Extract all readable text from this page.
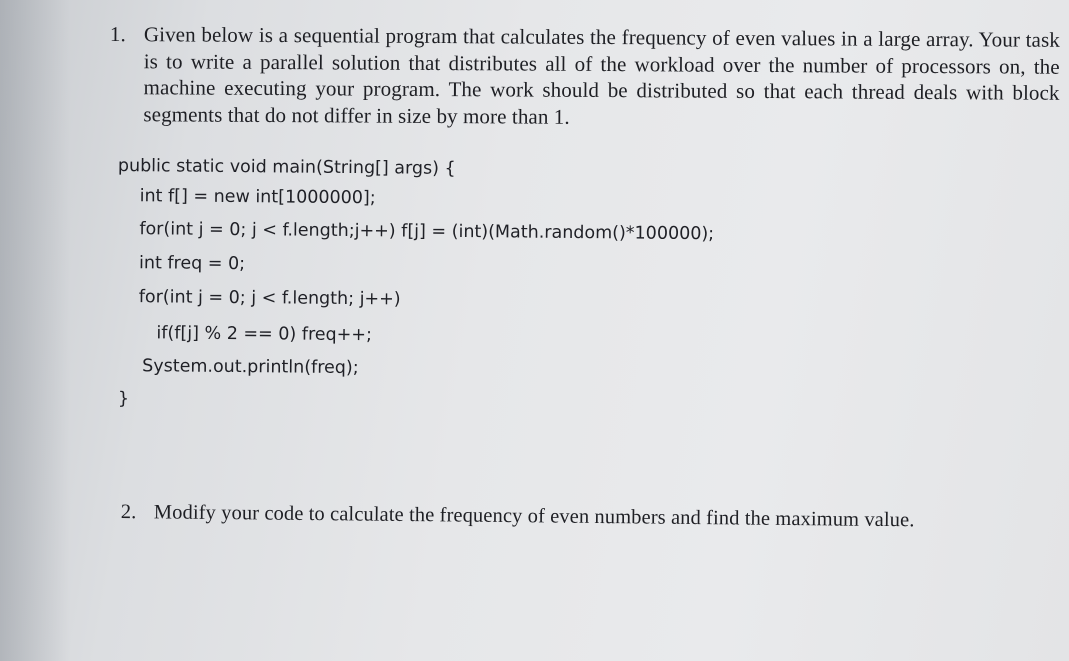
1. Given below is a sequential program that calculates the frequency of even values in a large array. Your task is to write a parallel solution that distributes all of the workload over the number of processors on, the machine executing your program. The work should be distributed so that each thread deals with block segments that do not differ in size by more than 1.
public static void main(String[] args) {
int f[] = new int[1000000];
for(int j = 0; j < f.length;j++) f[j] = (int)(Math.random()*100000);
int freq = 0;
for(int j = 0; j < f.length; j++)
if(f[j] % 2 == 0) freq++;
System.out.println(freq);
}
2. Modify your code to calculate the frequency of even numbers and find the maximum value.
